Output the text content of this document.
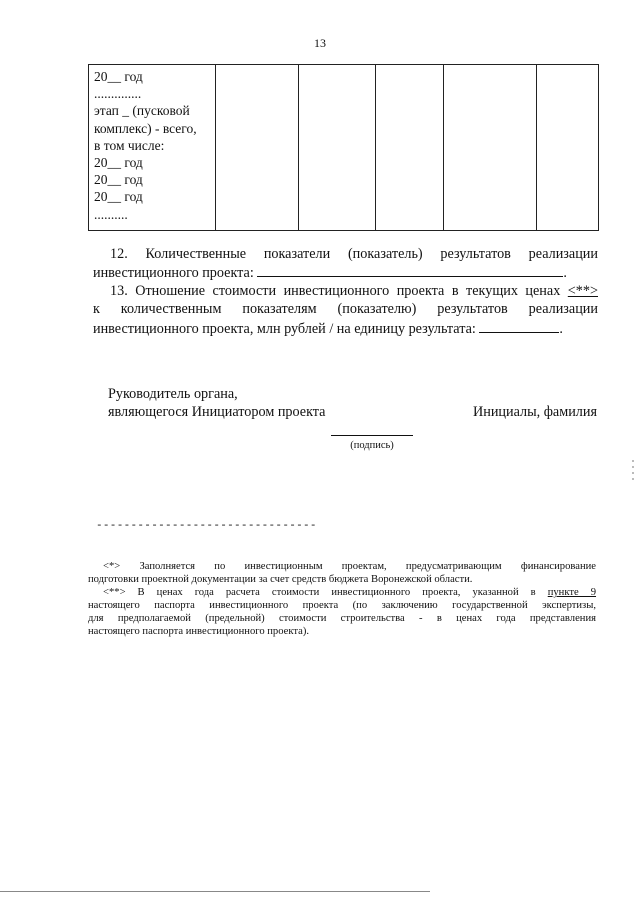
13
20__ год
..............
этап _ (пусковой
комплекс) - всего,
в том числе:
20__ год
20__ год
20__ год
..........

12. Количественные показатели (показатель) результатов реализации
инвестиционного проекта:	.
13. Отношение стоимости инвестиционного проекта в текущих ценах <**>
к количественным показателям (показателю) результатов реализации
инвестиционного проекта, млн рублей / на единицу результата:	.
Руководитель органа,
являющегося Инициатором проекта	Инициалы, фамилия
(подпись)
--------------------------------
<*> Заполняется по инвестиционным проектам, предусматривающим финансирование
подготовки проектной документации за счет средств бюджета Воронежской области.
<**> В ценах года расчета стоимости инвестиционного проекта, указанной в пункте 9
настоящего паспорта инвестиционного проекта (по заключению государственной экспертизы,
для предполагаемой (предельной) стоимости строительства - в ценах года представления
настоящего паспорта инвестиционного проекта).
